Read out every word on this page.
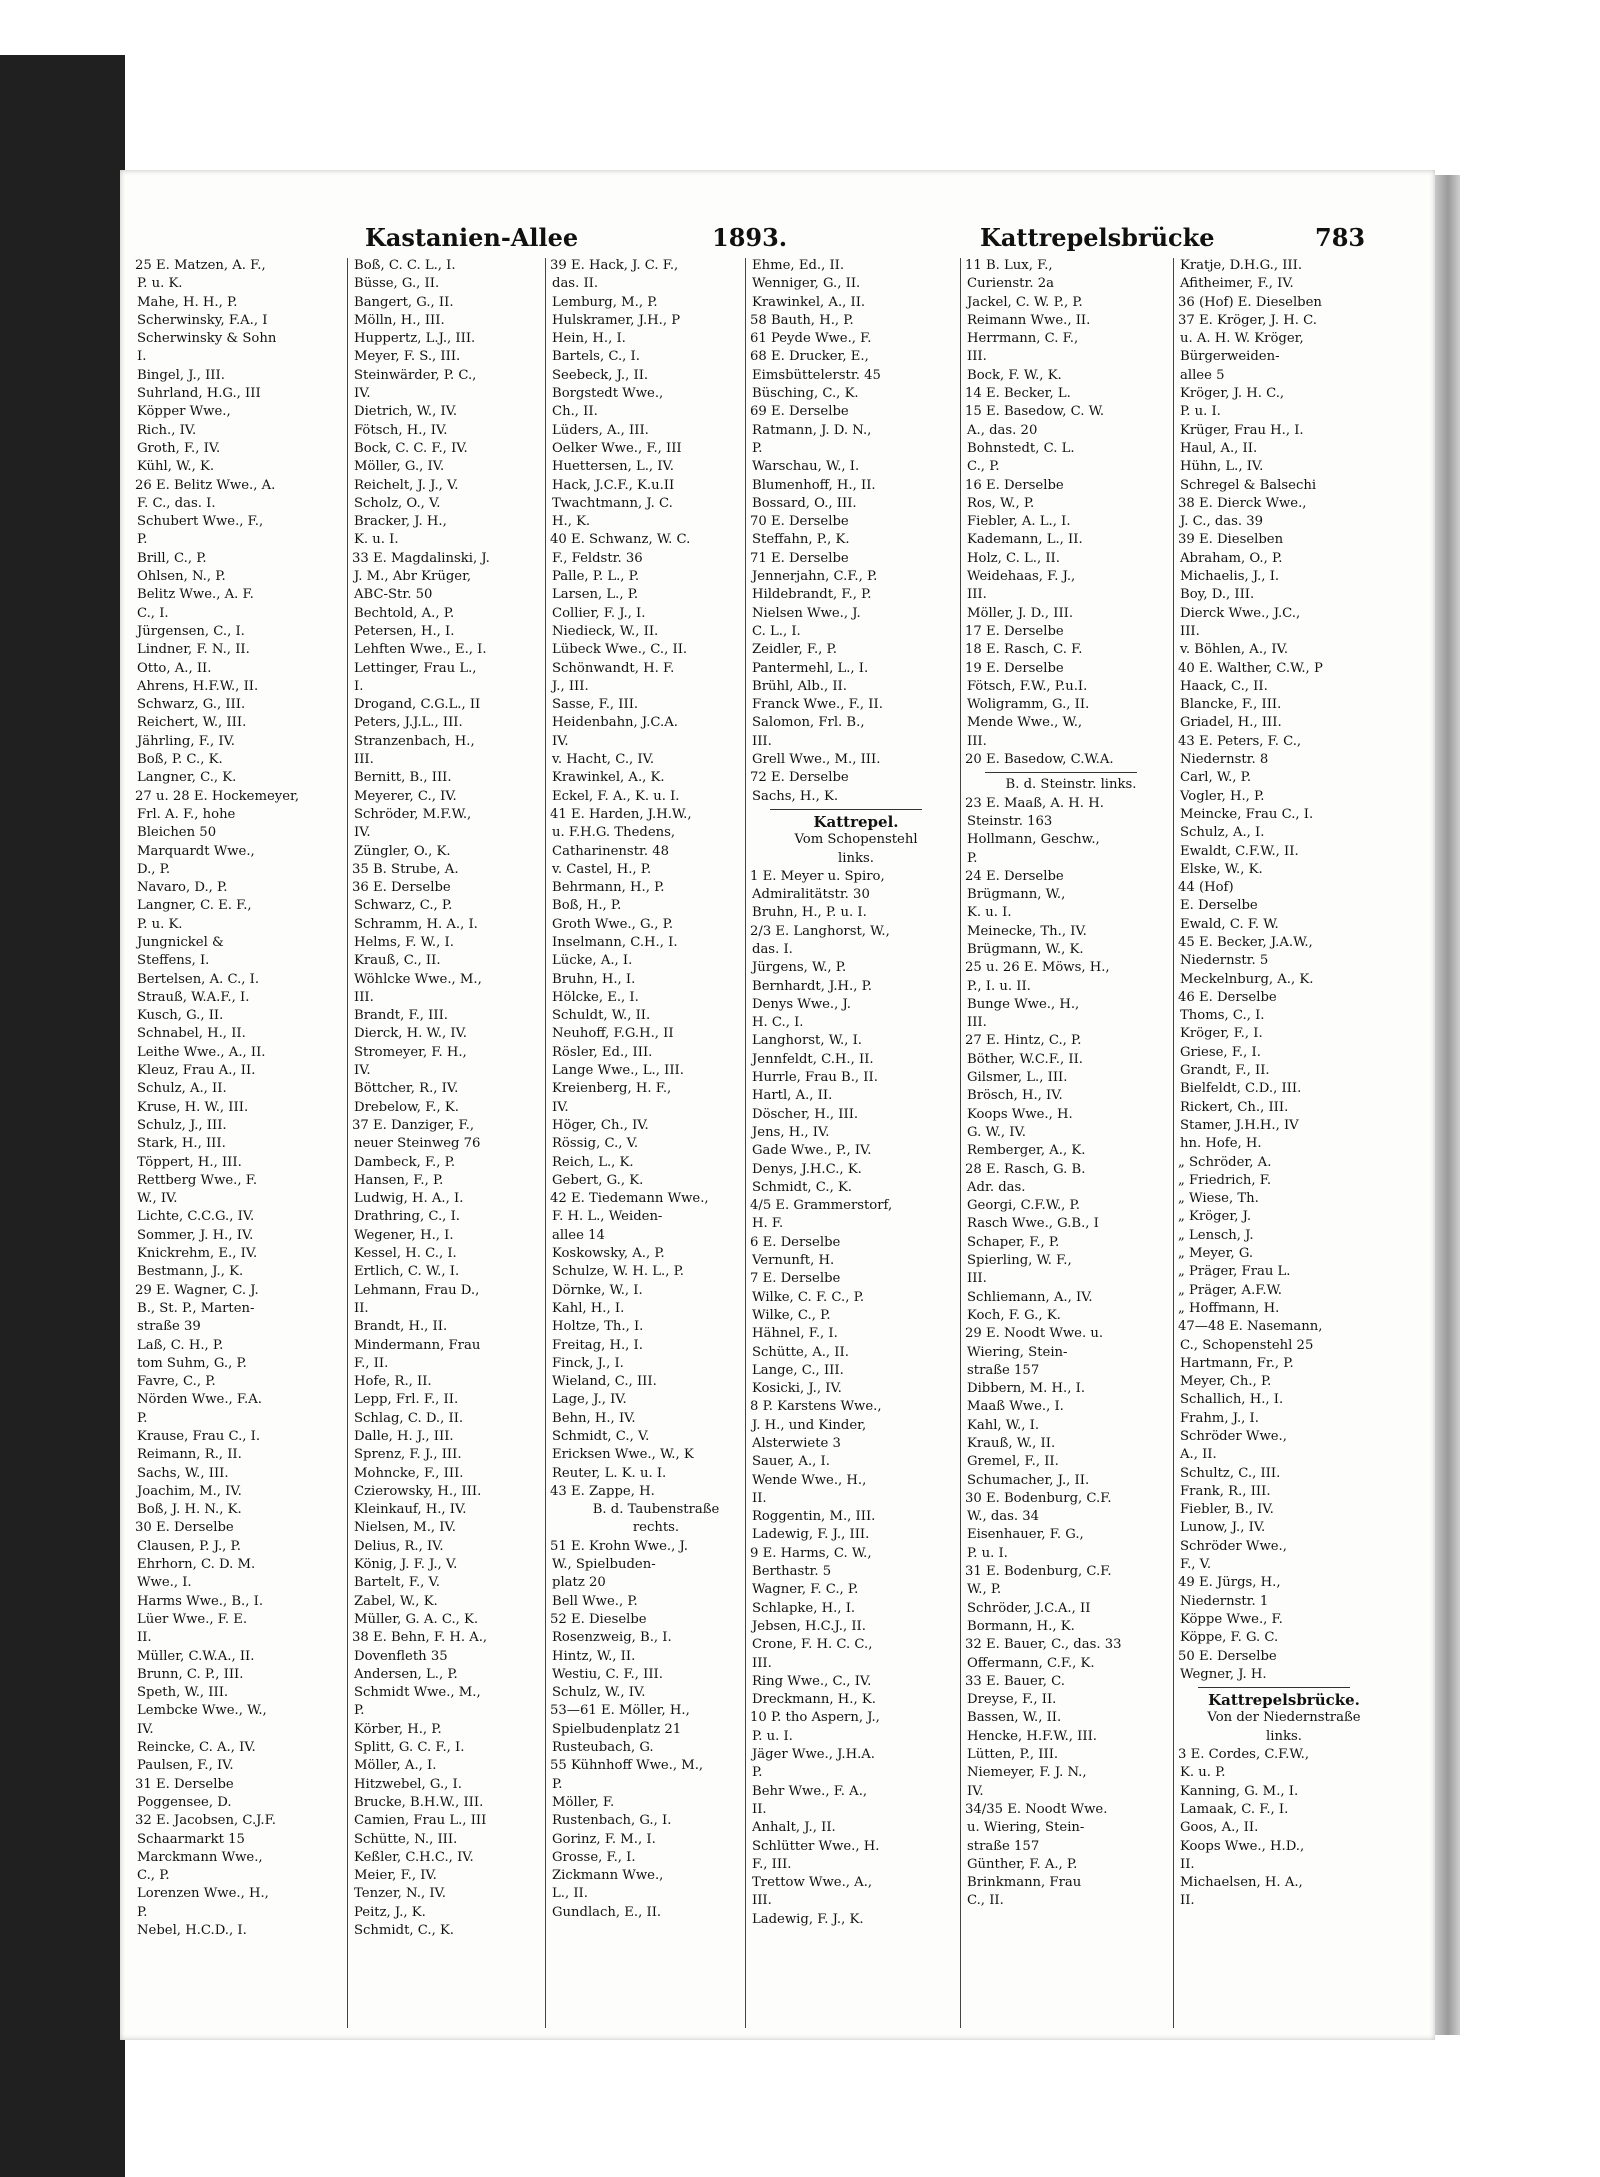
Kastanien-Allee	1893.	Kattrepelsbrücke	783
25 E. Matzen, A. F.,
P. u. K.
Mahe, H. H., P.
Scherwinsky, F.A., I
Scherwinsky & Sohn
I.
Bingel, J., III.
Suhrland, H.G., III
Köpper Wwe.,
Rich., IV.
Groth, F., IV.
Kühl, W., K.
26 E. Belitz Wwe., A.
F. C., das. I.
Schubert Wwe., F.,
P.
Brill, C., P.
Ohlsen, N., P.
Belitz Wwe., A. F.
C., I.
Jürgensen, C., I.
Lindner, F. N., II.
Otto, A., II.
Ahrens, H.F.W., II.
Schwarz, G., III.
Reichert, W., III.
Jährling, F., IV.
Boß, P. C., K.
Langner, C., K.
27 u. 28 E. Hockemeyer,
Frl. A. F., hohe
Bleichen 50
Marquardt Wwe.,
D., P.
Navaro, D., P.
Langner, C. E. F.,
P. u. K.
Jungnickel &
Steffens, I.
Bertelsen, A. C., I.
Strauß, W.A.F., I.
Kusch, G., II.
Schnabel, H., II.
Leithe Wwe., A., II.
Kleuz, Frau A., II.
Schulz, A., II.
Kruse, H. W., III.
Schulz, J., III.
Stark, H., III.
Töppert, H., III.
Rettberg Wwe., F.
W., IV.
Lichte, C.C.G., IV.
Sommer, J. H., IV.
Knickrehm, E., IV.
Bestmann, J., K.
29 E. Wagner, C. J.
B., St. P., Marten-
straße 39
Laß, C. H., P.
tom Suhm, G., P.
Favre, C., P.
Nörden Wwe., F.A.
P.
Krause, Frau C., I.
Reimann, R., II.
Sachs, W., III.
Joachim, M., IV.
Boß, J. H. N., K.
30 E. Derselbe
Clausen, P. J., P.
Ehrhorn, C. D. M.
Wwe., I.
Harms Wwe., B., I.
Lüer Wwe., F. E.
II.
Müller, C.W.A., II.
Brunn, C. P., III.
Speth, W., III.
Lembcke Wwe., W.,
IV.
Reincke, C. A., IV.
Paulsen, F., IV.
31 E. Derselbe
Poggensee, D.
32 E. Jacobsen, C.J.F.
Schaarmarkt 15
Marckmann Wwe.,
C., P.
Lorenzen Wwe., H.,
P.
Nebel, H.C.D., I.
Boß, C. C. L., I.
Büsse, G., II.
Bangert, G., II.
Mölln, H., III.
Huppertz, L.J., III.
Meyer, F. S., III.
Steinwärder, P. C.,
IV.
Dietrich, W., IV.
Fötsch, H., IV.
Bock, C. C. F., IV.
Möller, G., IV.
Reichelt, J. J., V.
Scholz, O., V.
Bracker, J. H.,
K. u. I.
33 E. Magdalinski, J.
J. M., Abr Krüger,
ABC-Str. 50
Bechtold, A., P.
Petersen, H., I.
Lehften Wwe., E., I.
Lettinger, Frau L.,
I.
Drogand, C.G.L., II
Peters, J.J.L., III.
Stranzenbach, H.,
III.
Bernitt, B., III.
Meyerer, C., IV.
Schröder, M.F.W.,
IV.
Züngler, O., K.
35 B. Strube, A.
36 E. Derselbe
Schwarz, C., P.
Schramm, H. A., I.
Helms, F. W., I.
Krauß, C., II.
Wöhlcke Wwe., M.,
III.
Brandt, F., III.
Dierck, H. W., IV.
Stromeyer, F. H.,
IV.
Böttcher, R., IV.
Drebelow, F., K.
37 E. Danziger, F.,
neuer Steinweg 76
Dambeck, F., P.
Hansen, F., P.
Ludwig, H. A., I.
Drathring, C., I.
Wegener, H., I.
Kessel, H. C., I.
Ertlich, C. W., I.
Lehmann, Frau D.,
II.
Brandt, H., II.
Mindermann, Frau
F., II.
Hofe, R., II.
Lepp, Frl. F., II.
Schlag, C. D., II.
Dalle, H. J., III.
Sprenz, F. J., III.
Mohncke, F., III.
Czierowsky, H., III.
Kleinkauf, H., IV.
Nielsen, M., IV.
Delius, R., IV.
König, J. F. J., V.
Bartelt, F., V.
Zabel, W., K.
Müller, G. A. C., K.
38 E. Behn, F. H. A.,
Dovenfleth 35
Andersen, L., P.
Schmidt Wwe., M.,
P.
Körber, H., P.
Splitt, G. C. F., I.
Möller, A., I.
Hitzwebel, G., I.
Brucke, B.H.W., III.
Camien, Frau L., III
Schütte, N., III.
Keßler, C.H.C., IV.
Meier, F., IV.
Tenzer, N., IV.
Peitz, J., K.
Schmidt, C., K.
39 E. Hack, J. C. F.,
das. II.
Lemburg, M., P.
Hulskramer, J.H., P
Hein, H., I.
Bartels, C., I.
Seebeck, J., II.
Borgstedt Wwe.,
Ch., II.
Lüders, A., III.
Oelker Wwe., F., III
Huettersen, L., IV.
Hack, J.C.F., K.u.II
Twachtmann, J. C.
H., K.
40 E. Schwanz, W. C.
F., Feldstr. 36
Palle, P. L., P.
Larsen, L., P.
Collier, F. J., I.
Niedieck, W., II.
Lübeck Wwe., C., II.
Schönwandt, H. F.
J., III.
Sasse, F., III.
Heidenbahn, J.C.A.
IV.
v. Hacht, C., IV.
Krawinkel, A., K.
Eckel, F. A., K. u. I.
41 E. Harden, J.H.W.,
u. F.H.G. Thedens,
Catharinenstr. 48
v. Castel, H., P.
Behrmann, H., P.
Boß, H., P.
Groth Wwe., G., P.
Inselmann, C.H., I.
Lücke, A., I.
Bruhn, H., I.
Hölcke, E., I.
Schuldt, W., II.
Neuhoff, F.G.H., II
Rösler, Ed., III.
Lange Wwe., L., III.
Kreienberg, H. F.,
IV.
Höger, Ch., IV.
Rössig, C., V.
Reich, L., K.
Gebert, G., K.
42 E. Tiedemann Wwe.,
F. H. L., Weiden-
allee 14
Koskowsky, A., P.
Schulze, W. H. L., P.
Dörnke, W., I.
Kahl, H., I.
Holtze, Th., I.
Freitag, H., I.
Finck, J., I.
Wieland, C., III.
Lage, J., IV.
Behn, H., IV.
Schmidt, C., V.
Ericksen Wwe., W., K
Reuter, L. K. u. I.
43 E. Zappe, H.
B. d. Taubenstraße
rechts.
51 E. Krohn Wwe., J.
W., Spielbuden-
platz 20
Bell Wwe., P.
52 E. Dieselbe
Rosenzweig, B., I.
Hintz, W., II.
Westiu, C. F., III.
Schulz, W., IV.
53—61 E. Möller, H.,
Spielbudenplatz 21
Rusteubach, G.
55 Kühnhoff Wwe., M.,
P.
Möller, F.
Rustenbach, G., I.
Gorinz, F. M., I.
Grosse, F., I.
Zickmann Wwe.,
L., II.
Gundlach, E., II.
Ehme, Ed., II.
Wenniger, G., II.
Krawinkel, A., II.
58 Bauth, H., P.
61 Peyde Wwe., F.
68 E. Drucker, E.,
Eimsbüttelerstr. 45
Büsching, C., K.
69 E. Derselbe
Ratmann, J. D. N.,
P.
Warschau, W., I.
Blumenhoff, H., II.
Bossard, O., III.
70 E. Derselbe
Steffahn, P., K.
71 E. Derselbe
Jennerjahn, C.F., P.
Hildebrandt, F., P.
Nielsen Wwe., J.
C. L., I.
Zeidler, F., P.
Pantermehl, L., I.
Brühl, Alb., II.
Franck Wwe., F., II.
Salomon, Frl. B.,
III.
Grell Wwe., M., III.
72 E. Derselbe
Sachs, H., K.
Kattrepel.
Vom Schopenstehl
links.
1 E. Meyer u. Spiro,
Admiralitätstr. 30
Bruhn, H., P. u. I.
2/3 E. Langhorst, W.,
das. I.
Jürgens, W., P.
Bernhardt, J.H., P.
Denys Wwe., J.
H. C., I.
Langhorst, W., I.
Jennfeldt, C.H., II.
Hurrle, Frau B., II.
Hartl, A., II.
Döscher, H., III.
Jens, H., IV.
Gade Wwe., P., IV.
Denys, J.H.C., K.
Schmidt, C., K.
4/5 E. Grammerstorf,
H. F.
6 E. Derselbe
Vernunft, H.
7 E. Derselbe
Wilke, C. F. C., P.
Wilke, C., P.
Hähnel, F., I.
Schütte, A., II.
Lange, C., III.
Kosicki, J., IV.
8 P. Karstens Wwe.,
J. H., und Kinder,
Alsterwiete 3
Sauer, A., I.
Wende Wwe., H.,
II.
Roggentin, M., III.
Ladewig, F. J., III.
9 E. Harms, C. W.,
Berthastr. 5
Wagner, F. C., P.
Schlapke, H., I.
Jebsen, H.C.J., II.
Crone, F. H. C. C.,
III.
Ring Wwe., C., IV.
Dreckmann, H., K.
10 P. tho Aspern, J.,
P. u. I.
Jäger Wwe., J.H.A.
P.
Behr Wwe., F. A.,
II.
Anhalt, J., II.
Schlütter Wwe., H.
F., III.
Trettow Wwe., A.,
III.
Ladewig, F. J., K.
11 B. Lux, F.,
Curienstr. 2a
Jackel, C. W. P., P.
Reimann Wwe., II.
Herrmann, C. F.,
III.
Bock, F. W., K.
14 E. Becker, L.
15 E. Basedow, C. W.
A., das. 20
Bohnstedt, C. L.
C., P.
16 E. Derselbe
Ros, W., P.
Fiebler, A. L., I.
Kademann, L., II.
Holz, C. L., II.
Weidehaas, F. J.,
III.
Möller, J. D., III.
17 E. Derselbe
18 E. Rasch, C. F.
19 E. Derselbe
Fötsch, F.W., P.u.I.
Woligramm, G., II.
Mende Wwe., W.,
III.
20 E. Basedow, C.W.A.
B. d. Steinstr. links.
23 E. Maaß, A. H. H.
Steinstr. 163
Hollmann, Geschw.,
P.
24 E. Derselbe
Brügmann, W.,
K. u. I.
Meinecke, Th., IV.
Brügmann, W., K.
25 u. 26 E. Möws, H.,
P., I. u. II.
Bunge Wwe., H.,
III.
27 E. Hintz, C., P.
Böther, W.C.F., II.
Gilsmer, L., III.
Brösch, H., IV.
Koops Wwe., H.
G. W., IV.
Remberger, A., K.
28 E. Rasch, G. B.
Adr. das.
Georgi, C.F.W., P.
Rasch Wwe., G.B., I
Schaper, F., P.
Spierling, W. F.,
III.
Schliemann, A., IV.
Koch, F. G., K.
29 E. Noodt Wwe. u.
Wiering, Stein-
straße 157
Dibbern, M. H., I.
Maaß Wwe., I.
Kahl, W., I.
Krauß, W., II.
Gremel, F., II.
Schumacher, J., II.
30 E. Bodenburg, C.F.
W., das. 34
Eisenhauer, F. G.,
P. u. I.
31 E. Bodenburg, C.F.
W., P.
Schröder, J.C.A., II
Bormann, H., K.
32 E. Bauer, C., das. 33
Offermann, C.F., K.
33 E. Bauer, C.
Dreyse, F., II.
Bassen, W., II.
Hencke, H.F.W., III.
Lütten, P., III.
Niemeyer, F. J. N.,
IV.
34/35 E. Noodt Wwe.
u. Wiering, Stein-
straße 157
Günther, F. A., P.
Brinkmann, Frau
C., II.
Kratje, D.H.G., III.
Afitheimer, F., IV.
36 (Hof) E. Dieselben
37 E. Kröger, J. H. C.
u. A. H. W. Kröger,
Bürgerweiden-
allee 5
Kröger, J. H. C.,
P. u. I.
Krüger, Frau H., I.
Haul, A., II.
Hühn, L., IV.
Schregel & Balsechi
38 E. Dierck Wwe.,
J. C., das. 39
39 E. Dieselben
Abraham, O., P.
Michaelis, J., I.
Boy, D., III.
Dierck Wwe., J.C.,
III.
v. Böhlen, A., IV.
40 E. Walther, C.W., P
Haack, C., II.
Blancke, F., III.
Griadel, H., III.
43 E. Peters, F. C.,
Niedernstr. 8
Carl, W., P.
Vogler, H., P.
Meincke, Frau C., I.
Schulz, A., I.
Ewaldt, C.F.W., II.
Elske, W., K.
44 (Hof)
E. Derselbe
Ewald, C. F. W.
45 E. Becker, J.A.W.,
Niedernstr. 5
Meckelnburg, A., K.
46 E. Derselbe
Thoms, C., I.
Kröger, F., I.
Griese, F., I.
Grandt, F., II.
Bielfeldt, C.D., III.
Rickert, Ch., III.
Stamer, J.H.H., IV
hn. Hofe, H.
„ Schröder, A.
„ Friedrich, F.
„ Wiese, Th.
„ Kröger, J.
„ Lensch, J.
„ Meyer, G.
„ Präger, Frau L.
„ Präger, A.F.W.
„ Hoffmann, H.
47—48 E. Nasemann,
C., Schopenstehl 25
Hartmann, Fr., P.
Meyer, Ch., P.
Schallich, H., I.
Frahm, J., I.
Schröder Wwe.,
A., II.
Schultz, C., III.
Frank, R., III.
Fiebler, B., IV.
Lunow, J., IV.
Schröder Wwe.,
F., V.
49 E. Jürgs, H.,
Niedernstr. 1
Köppe Wwe., F.
Köppe, F. G. C.
50 E. Derselbe
Wegner, J. H.
Kattrepelsbrücke.
Von der Niedernstraße
links.
3 E. Cordes, C.F.W.,
K. u. P.
Kanning, G. M., I.
Lamaak, C. F., I.
Goos, A., II.
Koops Wwe., H.D.,
II.
Michaelsen, H. A.,
II.
